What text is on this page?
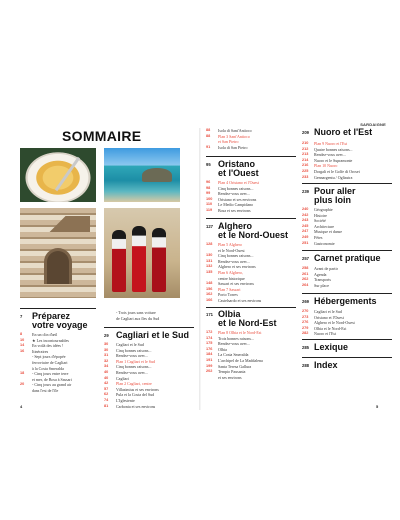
SARDAIGNE
SOMMAIRE
7 Préparez
votre voyage
8	En un clin d'œil
10	★ Les incontournables
14	En voilà des idées !
16	Itinéraires
- Sept jours d'épopée
ferroviaire de Cagliari
à la Costa Smeralda
18	- Cinq jours entre terre
et mer, de Bosa à Sassari
20	- Cinq jours au grand air
dans l'est de l'île
- Trois jours sans voiture
de Cagliari aux îles du Sud
29 Cagliari et le Sud
30	Cagliari et le Sud
30	Cinq bonnes raisons...
31	Rendez-vous avec...
32	Plan 1 Cagliari et le Sud
34	Cinq bonnes raisons...
40	Rendez-vous avec...
40	Cagliari
42	Plan 2 Cagliari, centre
57	Villasimius et ses environs
62	Pula et la Costa del Sud
74	L'Iglesiente
81	Carbonia et ses environs
88	Isola di Sant'Antioco
88	Plan 3 Sant'Antioco
et San Pietro
91	Isola di San Pietro
95 Oristano
et l'Ouest
96	Plan 4 Oristano et l'Ouest
98	Cinq bonnes raisons...
99	Rendez-vous avec...
100	Oristano et ses environs
110	Le Medio Campidano
119	Bosa et ses environs
127 Alghero
et le Nord-Ouest
128	Plan 5 Alghero
et le Nord-Ouest
130	Cinq bonnes raisons...
131	Rendez-vous avec...
132	Alghero et ses environs
135	Plan 6 Alghero,
centre historique
148	Sassari et ses environs
156	Plan 7 Sassari
162	Porto Torres
166	Castelsardo et ses environs
171 Olbia
et le Nord-Est
172	Plan 8 Olbia et le Nord-Est
174	Trois bonnes raisons...
175	Rendez-vous avec...
176	Olbia
184	La Costa Smeralda
191	L'archipel de La Maddalena
199	Santa Teresa Gallura
202	Tempio Pausania
et ses environs
209 Nuoro et l'Est
210	Plan 9 Nuoro et l'Est
212	Quatre bonnes raisons...
213	Rendez-vous avec...
214	Nuoro et le Supramonte
216	Plan 10 Nuoro
225	Dorgali et le Golfe di Orosei
233	Gennargentu / Ogliastra
239 Pour aller
plus loin
240	Géographie
242	Histoire
243	Société
245	Architecture
247	Musique et danse
249	Fêtes
251	Gastronomie
257 Carnet pratique
258	Avant de partir
261	Agenda
262	Transports
264	Sur place
269 Hébergements
270	Cagliari et le Sud
273	Oristano et l'Ouest
276	Alghero et le Nord-Ouest
279	Olbia et le Nord-Est
282	Nuoro et l'Est
285 Lexique
288 Index
4	5
